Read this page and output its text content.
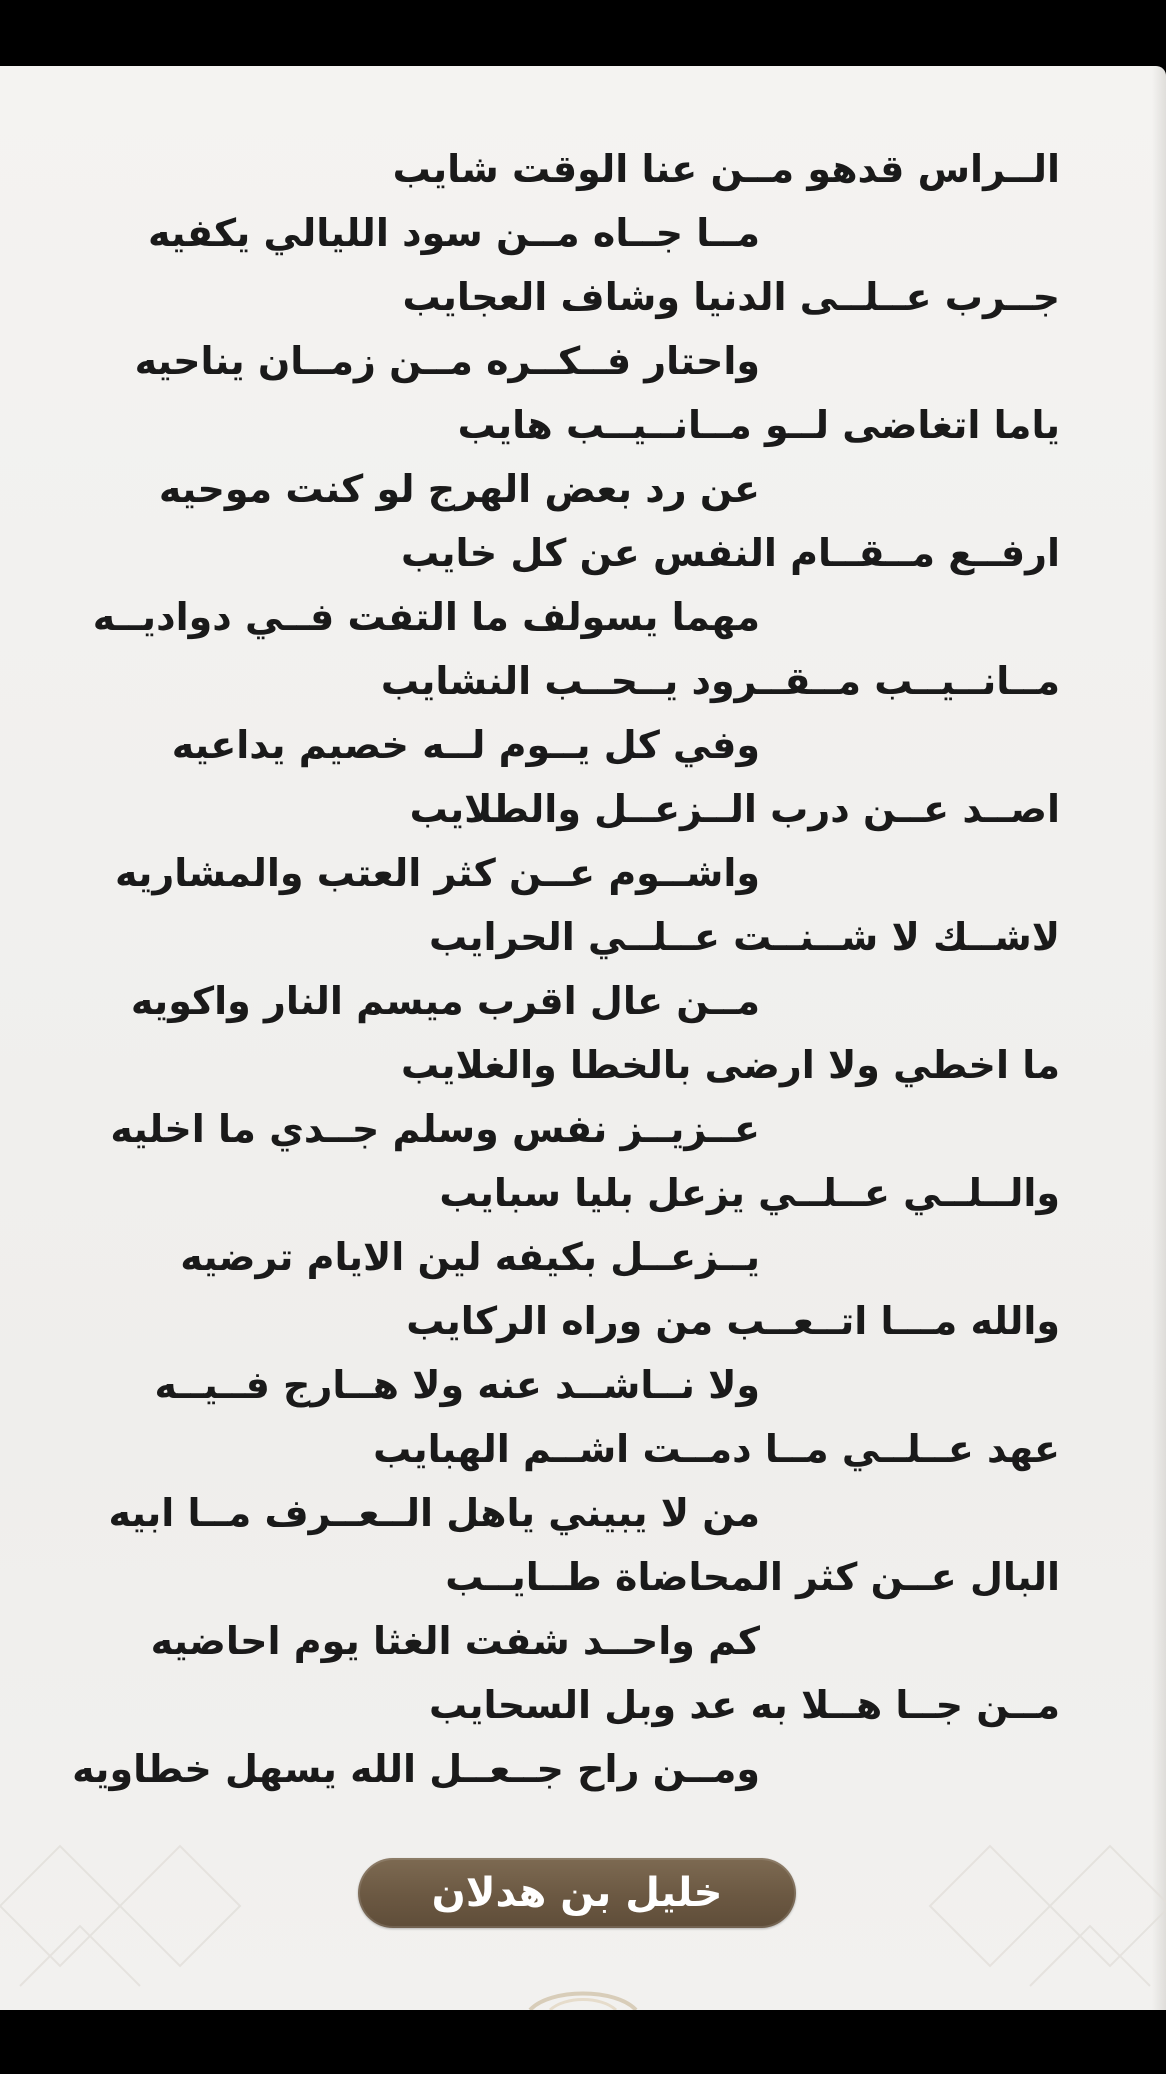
الــراس قدهو مــن عنا الوقت شايب
مــا جــاه مــن سود الليالي يكفيه
جــرب عــلــى الدنيا وشاف العجايب
واحتار فــكــره مــن زمــان يناحيه
ياما اتغاضى لــو مــانــيــب هايب
عن رد بعض الهرج لو كنت موحيه
ارفــع مــقــام النفس عن كل خايب
مهما يسولف ما التفت فــي دواديــه
مــانــيــب مــقــرود يــحــب النشايب
وفي كل يــوم لــه خصيم يداعيه
اصــد عــن درب الــزعــل والطلايب
واشــوم عــن كثر العتب والمشاريه
لاشــك لا شــنــت عــلــي الحرايب
مــن عال اقرب ميسم النار واكويه
ما اخطي ولا ارضى بالخطا والغلايب
عــزيــز نفس وسلم جــدي ما اخليه
والــلــي عــلــي يزعل بليا سبايب
يــزعــل بكيفه لين الايام ترضيه
والله مـــا اتــعــب من وراه الركايب
ولا نــاشــد عنه ولا هــارج فــيــه
عهد عــلــي مــا دمــت اشــم الهبايب
من لا يبيني ياهل الــعــرف مــا ابيه
البال عــن كثر المحاضاة طــايــب
كم واحــد شفت الغثا يوم احاضيه
مــن جــا هــلا به عد وبل السحايب
ومــن راح جــعــل الله يسهل خطاويه
خليل بن هدلان
